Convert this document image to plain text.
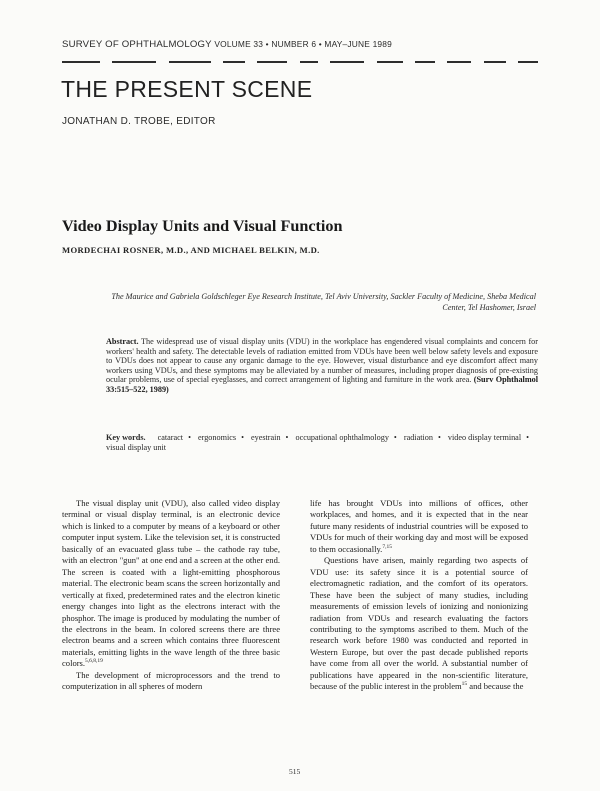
SURVEY OF OPHTHALMOLOGY VOLUME 33 • NUMBER 6 • MAY–JUNE 1989
THE PRESENT SCENE
JONATHAN D. TROBE, EDITOR
Video Display Units and Visual Function
MORDECHAI ROSNER, M.D., AND MICHAEL BELKIN, M.D.
The Maurice and Gabriela Goldschleger Eye Research Institute, Tel Aviv University, Sackler Faculty of Medicine, Sheba Medical Center, Tel Hashomer, Israel
Abstract. The widespread use of visual display units (VDU) in the workplace has engendered visual complaints and concern for workers' health and safety. The detectable levels of radiation emitted from VDUs have been well below safety levels and exposure to VDUs does not appear to cause any organic damage to the eye. However, visual disturbance and eye discomfort affect many workers using VDUs, and these symptoms may be alleviated by a number of measures, including proper diagnosis of pre-existing ocular problems, use of special eyeglasses, and correct arrangement of lighting and furniture in the work area. (Surv Ophthalmol 33:515–522, 1989)
Key words. cataract • ergonomics • eyestrain • occupational ophthalmology • radiation • video display terminal • visual display unit

The visual display unit (VDU), also called video display terminal or visual display terminal, is an electronic device which is linked to a computer by means of a keyboard or other computer input system. Like the television set, it is constructed basically of an evacuated glass tube – the cathode ray tube, with an electron "gun" at one end and a screen at the other end. The screen is coated with a light-emitting phosphorous material. The electronic beam scans the screen horizontally and vertically at fixed, predetermined rates and the electron kinetic energy changes into light as the electrons interact with the phosphor. The image is produced by modulating the number of the electrons in the beam. In colored screens there are three electron beams and a screen which contains three fluorescent materials, emitting lights in the wave length of the three basic colors.$^{5,6,8,19}$

The development of microprocessors and the trend to computerization in all spheres of modern

life has brought VDUs into millions of offices, other workplaces, and homes, and it is expected that in the near future many residents of industrial countries will be exposed to VDUs for much of their working day and most will be exposed to them occasionally.$^{7,15}$

Questions have arisen, mainly regarding two aspects of VDU use: its safety since it is a potential source of electromagnetic radiation, and the comfort of its operators. These have been the subject of many studies, including measurements of emission levels of ionizing and nonionizing radiation from VDUs and research evaluating the factors contributing to the symptoms ascribed to them. Much of the research work before 1980 was conducted and reported in Western Europe, but over the past decade published reports have come from all over the world. A substantial number of publications have appeared in the non-scientific literature, because of the public interest in the problem$^{15}$ and because the

515
